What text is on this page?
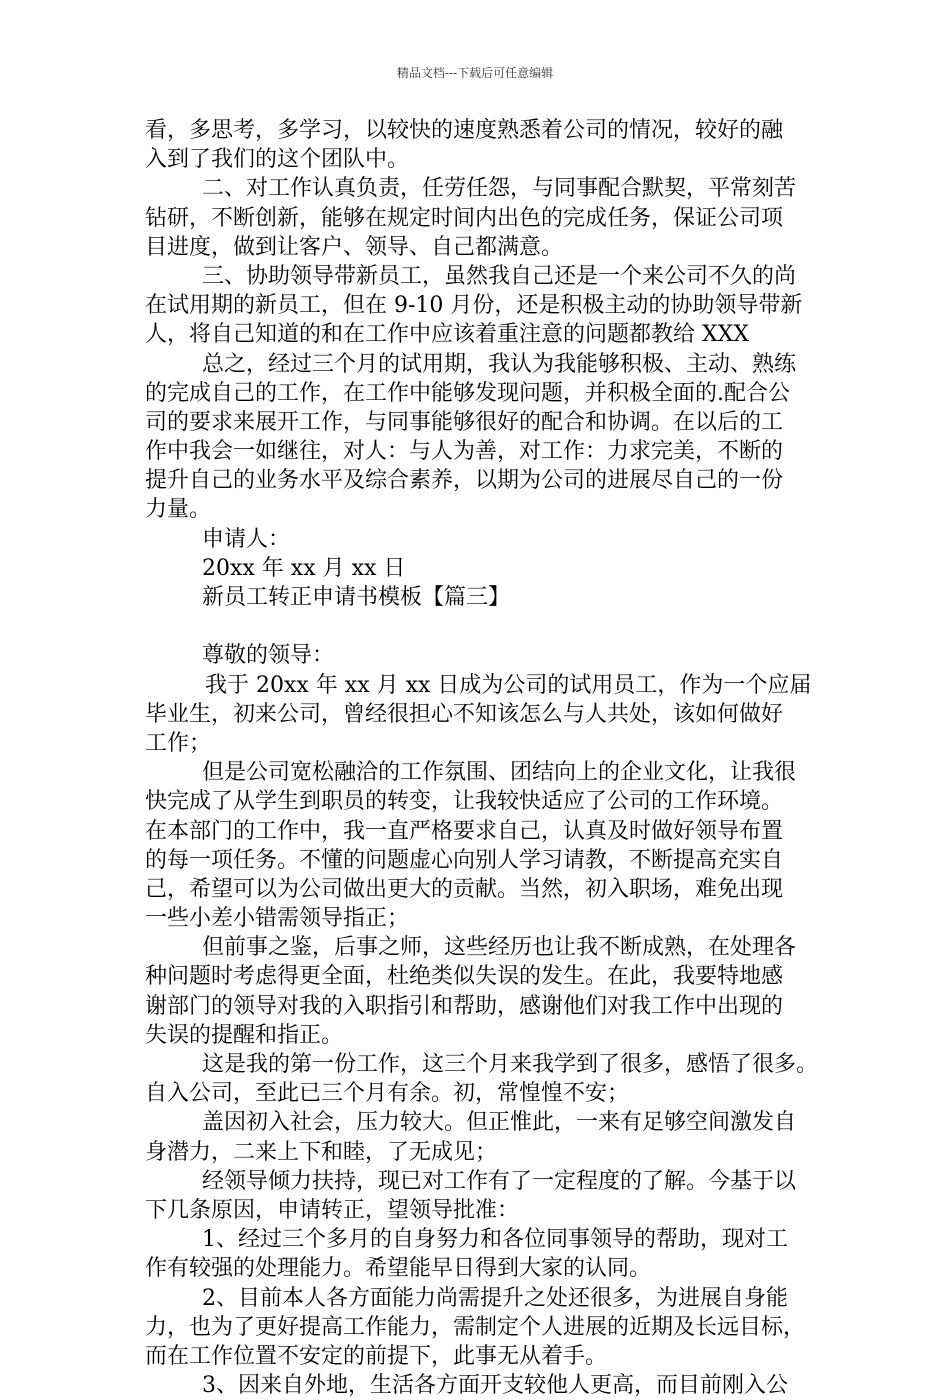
精品文档---下载后可任意编辑
看，多思考，多学习，以较快的速度熟悉着公司的情况，较好的融
入到了我们的这个团队中。
二、对工作认真负责，任劳任怨，与同事配合默契，平常刻苦
钻研，不断创新，能够在规定时间内出色的完成任务，保证公司项
目进度，做到让客户、领导、自己都满意。
三、协助领导带新员工，虽然我自己还是一个来公司不久的尚
在试用期的新员工，但在 9-10 月份，还是积极主动的协助领导带新
人，将自己知道的和在工作中应该着重注意的问题都教给 XXX
总之，经过三个月的试用期，我认为我能够积极、主动、熟练
的完成自己的工作，在工作中能够发现问题，并积极全面的.配合公
司的要求来展开工作，与同事能够很好的配合和协调。在以后的工
作中我会一如继往，对人：与人为善，对工作：力求完美，不断的
提升自己的业务水平及综合素养，以期为公司的进展尽自己的一份
力量。
申请人：
20xx 年 xx 月 xx 日
新员工转正申请书模板【篇三】
尊敬的领导：
我于 20xx 年 xx 月 xx 日成为公司的试用员工，作为一个应届
毕业生，初来公司，曾经很担心不知该怎么与人共处，该如何做好
工作；
但是公司宽松融洽的工作氛围、团结向上的企业文化，让我很
快完成了从学生到职员的转变，让我较快适应了公司的工作环境。
在本部门的工作中，我一直严格要求自己，认真及时做好领导布置
的每一项任务。不懂的问题虚心向别人学习请教，不断提高充实自
己，希望可以为公司做出更大的贡献。当然，初入职场，难免出现
一些小差小错需领导指正；
但前事之鉴，后事之师，这些经历也让我不断成熟，在处理各
种问题时考虑得更全面，杜绝类似失误的发生。在此，我要特地感
谢部门的领导对我的入职指引和帮助，感谢他们对我工作中出现的
失误的提醒和指正。
这是我的第一份工作，这三个月来我学到了很多，感悟了很多。
自入公司，至此已三个月有余。初，常惶惶不安；
盖因初入社会，压力较大。但正惟此，一来有足够空间激发自
身潜力，二来上下和睦，了无成见；
经领导倾力扶持，现已对工作有了一定程度的了解。今基于以
下几条原因，申请转正，望领导批准：
1、经过三个多月的自身努力和各位同事领导的帮助，现对工
作有较强的处理能力。希望能早日得到大家的认同。
2、目前本人各方面能力尚需提升之处还很多，为进展自身能
力，也为了更好提高工作能力，需制定个人进展的近期及长远目标，
而在工作位置不安定的前提下，此事无从着手。
3、因来自外地，生活各方面开支较他人更高，而目前刚入公
